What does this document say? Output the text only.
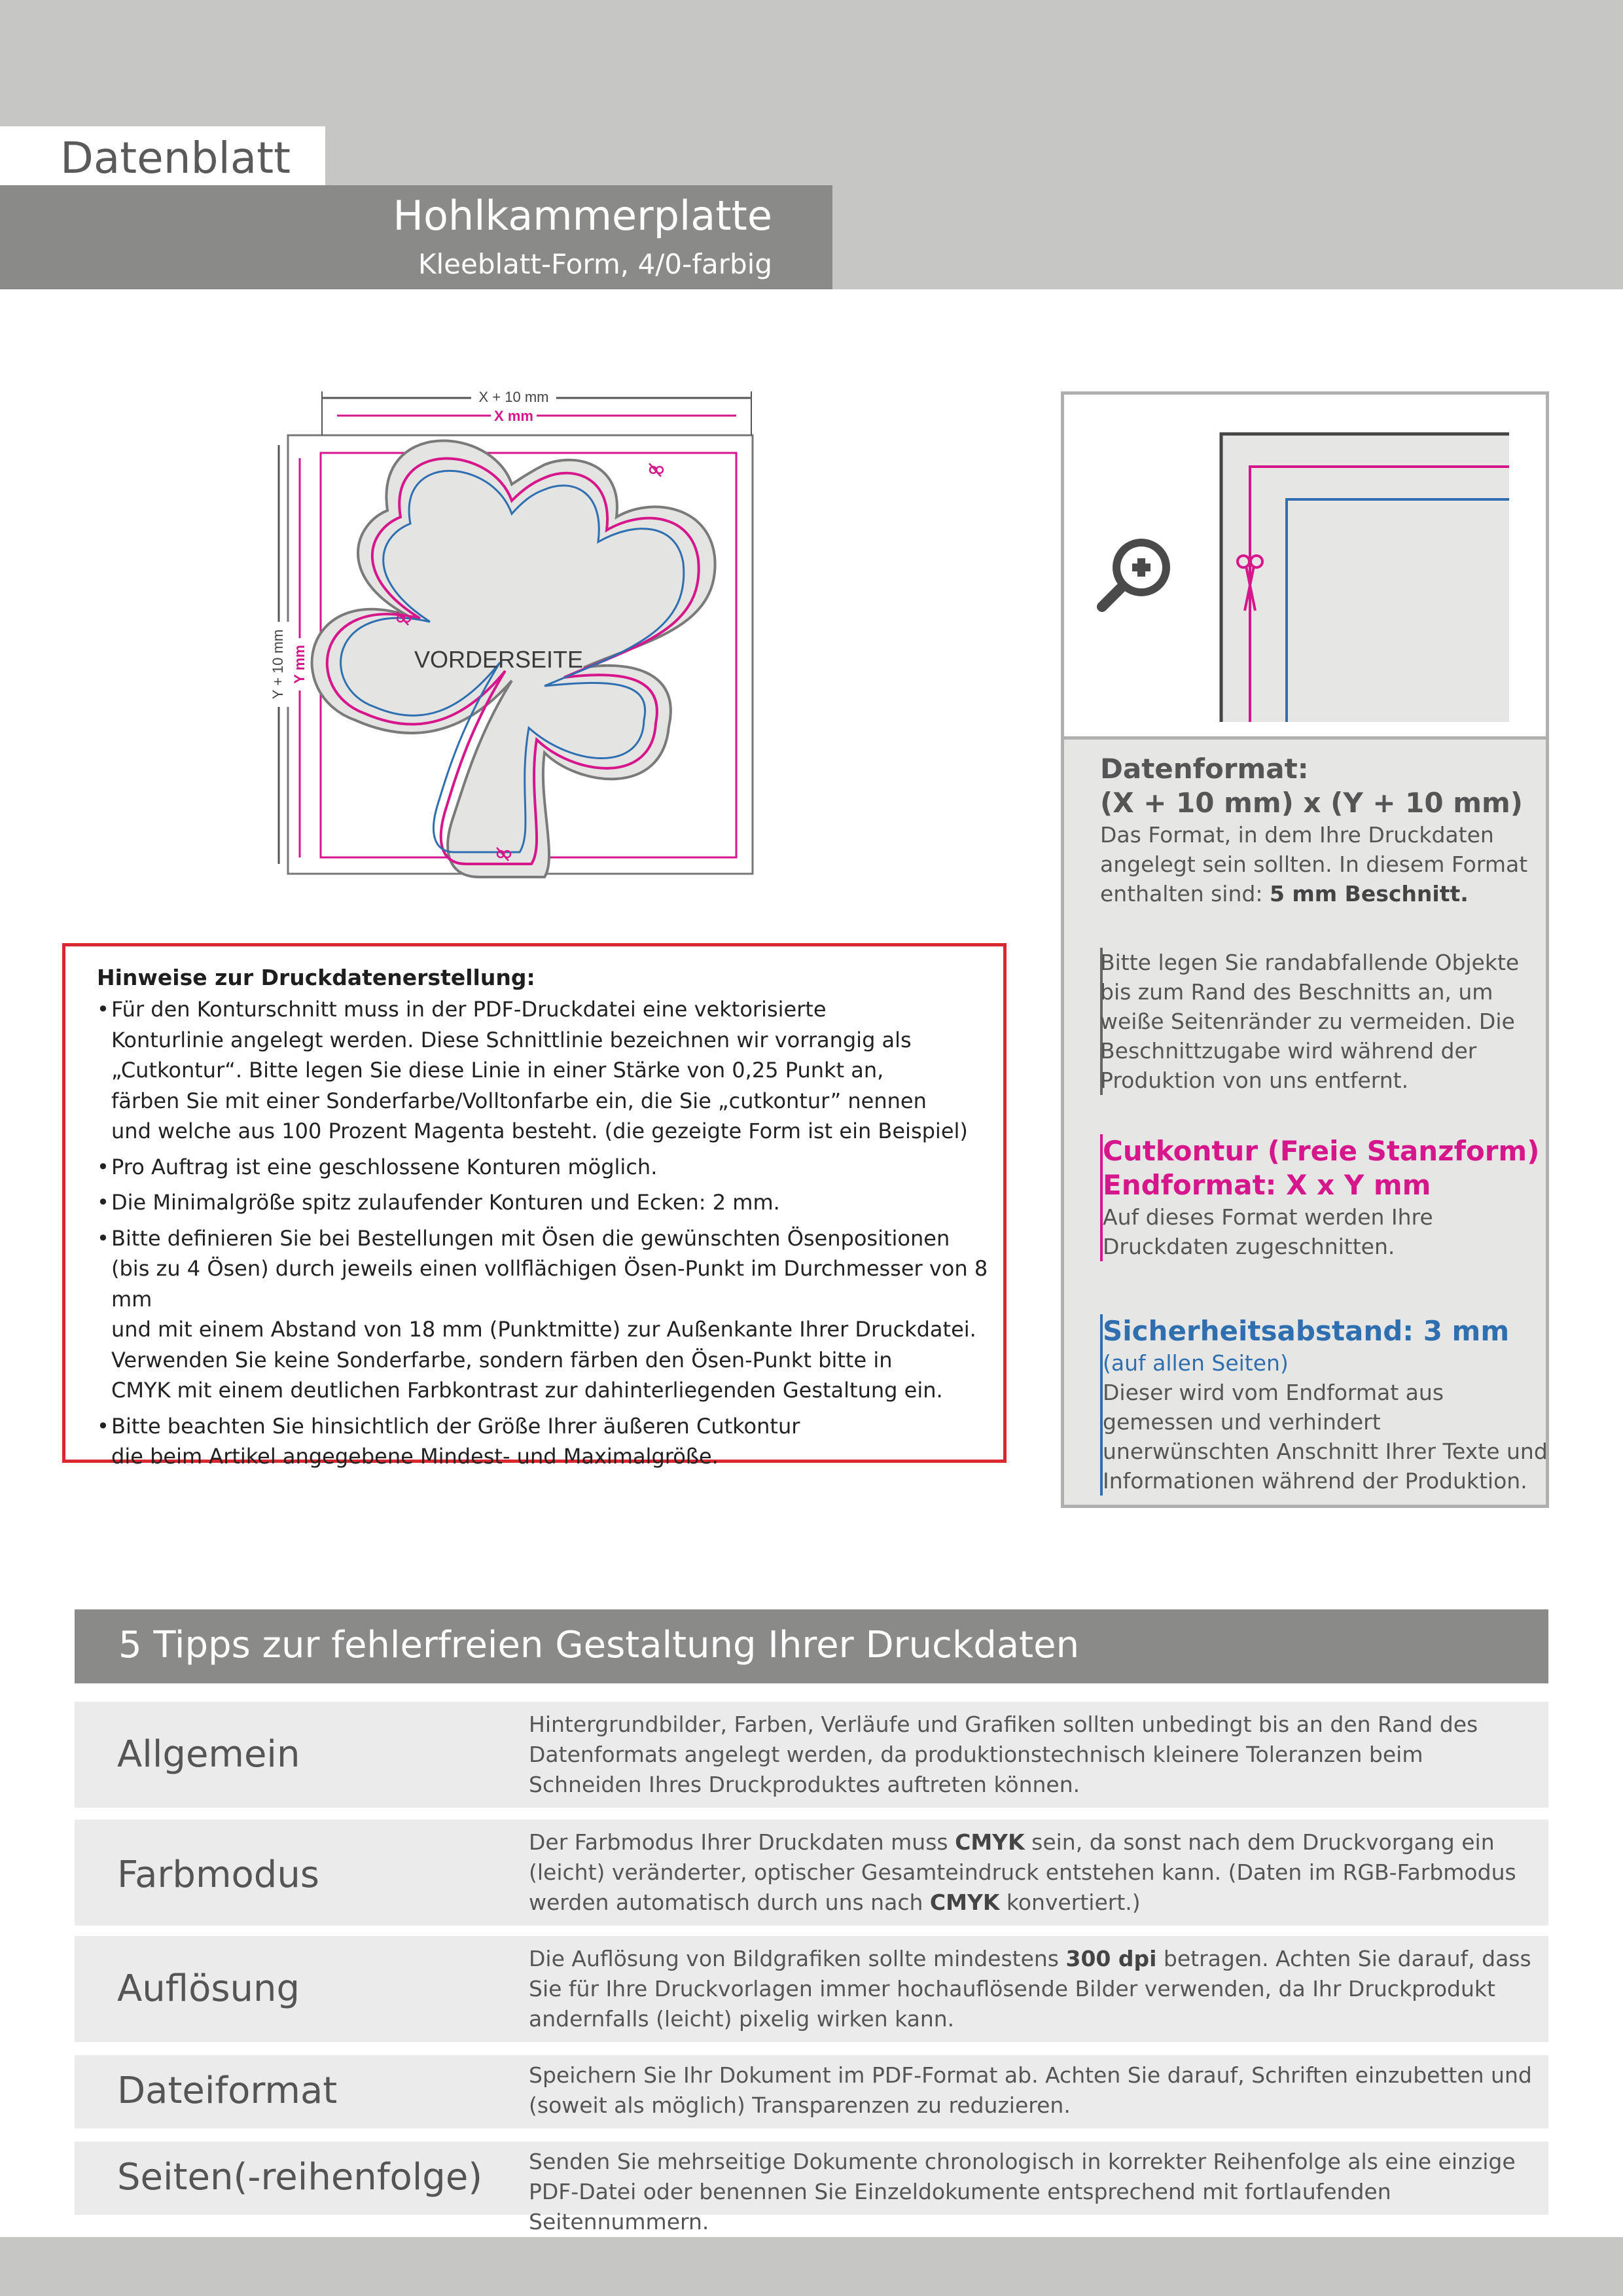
Datenblatt
Hohlkammerplatte
Kleeblatt-Form, 4/0-farbig
X + 10 mm
X mm
Y + 10 mm Y mm	VORDERSEITE
Hinweise zur Druckdatenerstellung:
• Für den Konturschnitt muss in der PDF-Druckdatei eine vektorisierte
Konturlinie angelegt werden. Diese Schnittlinie bezeichnen wir vorrangig als
„Cutkontur“. Bitte legen Sie diese Linie in einer Stärke von 0,25 Punkt an,
färben Sie mit einer Sonderfarbe/Volltonfarbe ein, die Sie „cutkontur” nennen
und welche aus 100 Prozent Magenta besteht. (die gezeigte Form ist ein Beispiel)
• Pro Auftrag ist eine geschlossene Konturen möglich.
• Die Minimalgröße spitz zulaufender Konturen und Ecken: 2 mm.
• Bitte definieren Sie bei Bestellungen mit Ösen die gewünschten Ösenpositionen
(bis zu 4 Ösen) durch jeweils einen vollflächigen Ösen-Punkt im Durchmesser von 8 mm
und mit einem Abstand von 18 mm (Punktmitte) zur Außenkante Ihrer Druckdatei.
Verwenden Sie keine Sonderfarbe, sondern färben den Ösen-Punkt bitte in
CMYK mit einem deutlichen Farbkontrast zur dahinterliegenden Gestaltung ein.
• Bitte beachten Sie hinsichtlich der Größe Ihrer äußeren Cutkontur
die beim Artikel angegebene Mindest- und Maximalgröße.
Datenformat:
(X + 10 mm) x (Y + 10 mm)
Das Format, in dem Ihre Druckdaten angelegt sein sollten. In diesem Format enthalten sind: 5 mm Beschnitt.
Bitte legen Sie randabfallende Objekte bis zum Rand des Beschnitts an, um weiße Seitenränder zu vermeiden. Die Beschnittzugabe wird während der Produktion von uns entfernt.
Cutkontur (Freie Stanzform)
Endformat: X x Y mm
Auf dieses Format werden Ihre Druckdaten zugeschnitten.
Sicherheitsabstand: 3 mm
(auf allen Seiten)
Dieser wird vom Endformat aus gemessen und verhindert unerwünschten Anschnitt Ihrer Texte und Informationen während der Produktion.
5 Tipps zur fehlerfreien Gestaltung Ihrer Druckdaten
Allgemein
Hintergrundbilder, Farben, Verläufe und Grafiken sollten unbedingt bis an den Rand des Datenformats angelegt werden, da produktionstechnisch kleinere Toleranzen beim Schneiden Ihres Druckproduktes auftreten können.
Farbmodus
Der Farbmodus Ihrer Druckdaten muss CMYK sein, da sonst nach dem Druckvorgang ein (leicht) veränderter, optischer Gesamteindruck entstehen kann. (Daten im RGB-Farbmodus werden automatisch durch uns nach CMYK konvertiert.)
Auflösung
Die Auflösung von Bildgrafiken sollte mindestens 300 dpi betragen. Achten Sie darauf, dass Sie für Ihre Druckvorlagen immer hochauflösende Bilder verwenden, da Ihr Druckprodukt andernfalls (leicht) pixelig wirken kann.
Dateiformat	Speichern Sie Ihr Dokument im PDF-Format ab. Achten Sie darauf, Schriften einzubetten und (soweit als möglich) Transparenzen zu reduzieren.
Seiten(-reihenfolge) Senden Sie mehrseitige Dokumente chronologisch in korrekter Reihenfolge als eine einzige PDF-Datei oder benennen Sie Einzeldokumente entsprechend mit fortlaufenden Seitennummern.
